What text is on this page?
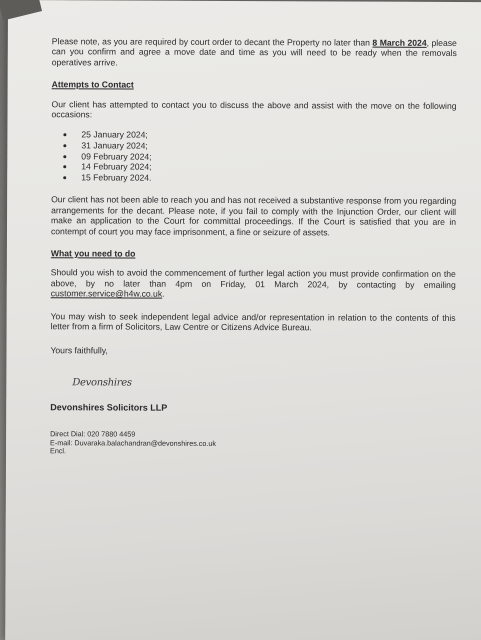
Please note, as you are required by court order to decant the Property no later than 8 March 2024, please can you confirm and agree a move date and time as you will need to be ready when the removals operatives arrive.

Attempts to Contact

Our client has attempted to contact you to discuss the above and assist with the move on the following occasions:

25 January 2024;
31 January 2024;
09 February 2024;
14 February 2024;
15 February 2024.

Our client has not been able to reach you and has not received a substantive response from you regarding arrangements for the decant. Please note, if you fail to comply with the Injunction Order, our client will make an application to the Court for committal proceedings. If the Court is satisfied that you are in contempt of court you may face imprisonment, a fine or seizure of assets.

What you need to do

Should you wish to avoid the commencement of further legal action you must provide confirmation on the above, by no later than 4pm on Friday, 01 March 2024, by contacting by emailing customer.service@h4w.co.uk.

You may wish to seek independent legal advice and/or representation in relation to the contents of this letter from a firm of Solicitors, Law Centre or Citizens Advice Bureau.

Yours faithfully,

Devonshires

Devonshires Solicitors LLP

Direct Dial: 020 7880 4459
E-mail: Duvaraka.balachandran@devonshires.co.uk
Encl.
